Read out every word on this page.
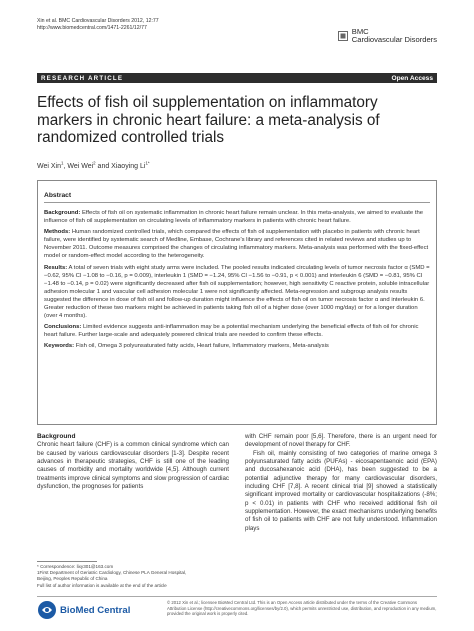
Xin et al. BMC Cardiovascular Disorders 2012, 12:77
http://www.biomedcentral.com/1471-2261/12/77	BMC
Cardiovascular Disorders
RESEARCH ARTICLE	Open Access
Effects of fish oil supplementation on inflammatory markers in chronic heart failure: a meta-analysis of randomized controlled trials
Wei Xin$^1$, Wei Wei$^2$ and Xiaoying $Li^{1*}$
Abstract

Background: Effects of fish oil on systematic inflammation in chronic heart failure remain unclear. In this meta-analysis, we aimed to evaluate the influence of fish oil supplementation on circulating levels of inflammatory markers in patients with chronic heart failure.

Methods: Human randomized controlled trials, which compared the effects of fish oil supplementation with placebo in patients with chronic heart failure, were identified by systematic search of Medline, Embase, Cochrane's library and references cited in related reviews and studies up to November 2011. Outcome measures comprised the changes of circulating inflammatory markers. Meta-analysis was performed with the fixed-effect model or random-effect model according to the heterogeneity.

Results: A total of seven trials with eight study arms were included. The pooled results indicated circulating levels of tumor necrosis factor α (SMD = −0.62, 95% CI −1.08 to −0.16, p = 0.009), interleukin 1 (SMD = −1.24, 95% CI −1.56 to −0.91, p < 0.001) and interleukin 6 (SMD = −0.81, 95% CI −1.48 to −0.14, p = 0.02) were significantly decreased after fish oil supplementation; however, high sensitivity C reactive protein, soluble intracellular adhesion molecular 1 and vascular cell adhesion molecular 1 were not significantly affected. Meta-regression and subgroup analysis results suggested the difference in dose of fish oil and follow-up duration might influence the effects of fish oil on tumor necrosis factor α and interleukin 6. Greater reduction of these two markers might be achieved in patients taking fish oil of a higher dose (over 1000 mg/day) or for a longer duration (over 4 months).

Conclusions: Limited evidence suggests anti-inflammation may be a potential mechanism underlying the beneficial effects of fish oil for chronic heart failure. Further large-scale and adequately powered clinical trials are needed to confirm these effects.

Keywords: Fish oil, Omega 3 polyunsaturated fatty acids, Heart failure, Inflammatory markers, Meta-analysis

Background

Chronic heart failure (CHF) is a common clinical syndrome which can be caused by various cardiovascular disorders [1-3]. Despite recent advances in therapeutic strategies, CHF is still one of the leading causes of morbidity and mortality worldwide [4,5]. Although current treatments improve clinical symptoms and slow progression of cardiac dysfunction, the prognoses for patients

with CHF remain poor [5,6]. Therefore, there is an urgent need for development of novel therapy for CHF.

Fish oil, mainly consisting of two categories of marine omega 3 polyunsaturated fatty acids (PUFAs) - eicosapentaenoic acid (EPA) and ducosahexanoic acid (DHA), has been suggested to be a potential adjunctive therapy for many cardiovascular disorders, including CHF [7,8]. A recent clinical trial [9] showed a statistically significant improved mortality or cardiovascular hospitalizations (-8%; p < 0.01) in patients with CHF who received additional fish oil supplementation. However, the exact mechanisms underlying benefits of fish oil to patients with CHF are not fully understood. Inflammation plays

* Correspondence: lixy301@163.com
1First Department of Geriatric Cardiology, Chinese PLA General Hospital,
Beijing, Peoples Republic of China
Full list of author information is available at the end of the article
BioMed Central
© 2012 Xin et al.; licensee BioMed Central Ltd. This is an Open Access article distributed under the terms of the Creative Commons Attribution License (http://creativecommons.org/licenses/by/2.0), which permits unrestricted use, distribution, and reproduction in any medium, provided the original work is properly cited.
